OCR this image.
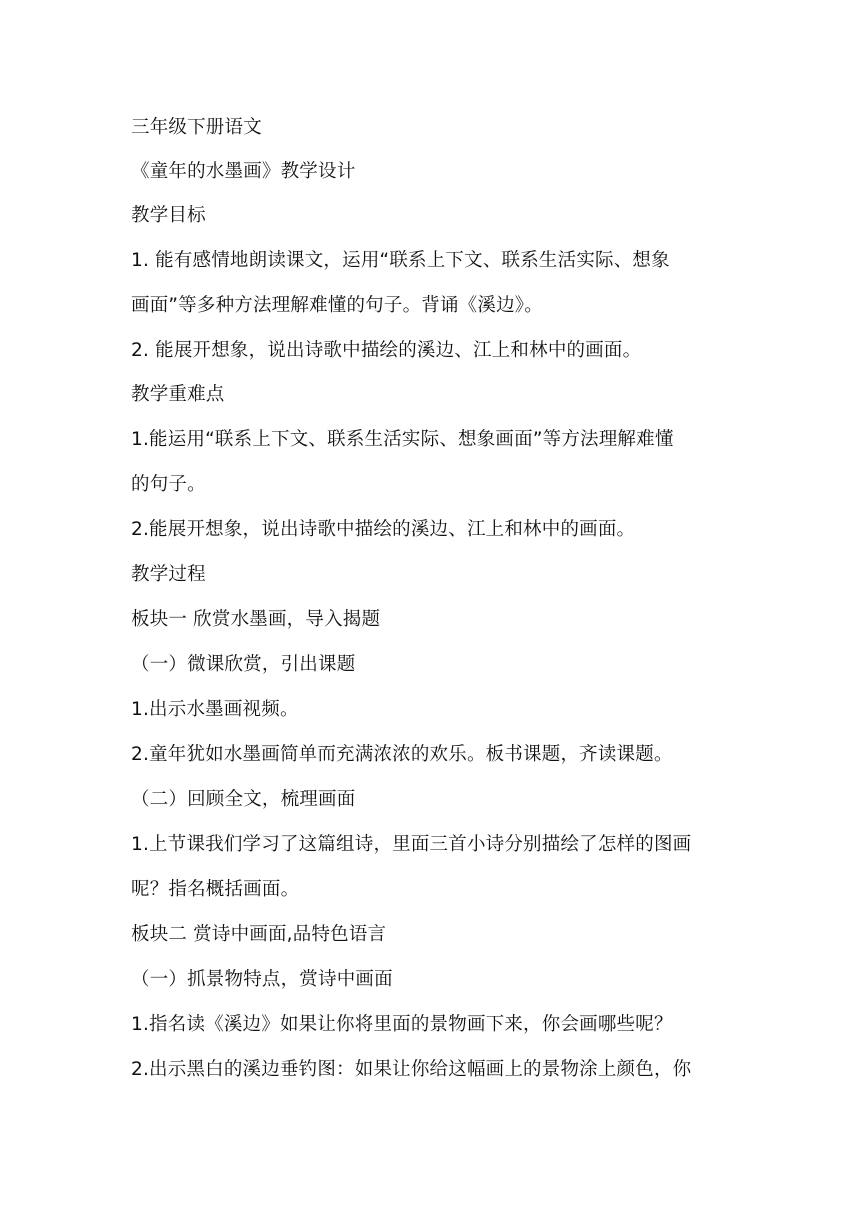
三年级下册语文
《童年的水墨画》教学设计
教学目标
1. 能有感情地朗读课文，运用“联系上下文、联系生活实际、想象
画面”等多种方法理解难懂的句子。背诵《溪边》。
2. 能展开想象，说出诗歌中描绘的溪边、江上和林中的画面。
教学重难点
1.能运用“联系上下文、联系生活实际、想象画面”等方法理解难懂
的句子。
2.能展开想象，说出诗歌中描绘的溪边、江上和林中的画面。
教学过程
板块一 欣赏水墨画，导入揭题
（一）微课欣赏，引出课题
1.出示水墨画视频。
2.童年犹如水墨画简单而充满浓浓的欢乐。板书课题，齐读课题。
（二）回顾全文，梳理画面
1.上节课我们学习了这篇组诗，里面三首小诗分别描绘了怎样的图画
呢？指名概括画面。
板块二 赏诗中画面,品特色语言
（一）抓景物特点，赏诗中画面
1.指名读《溪边》如果让你将里面的景物画下来，你会画哪些呢？
2.出示黑白的溪边垂钓图：如果让你给这幅画上的景物涂上颜色，你
